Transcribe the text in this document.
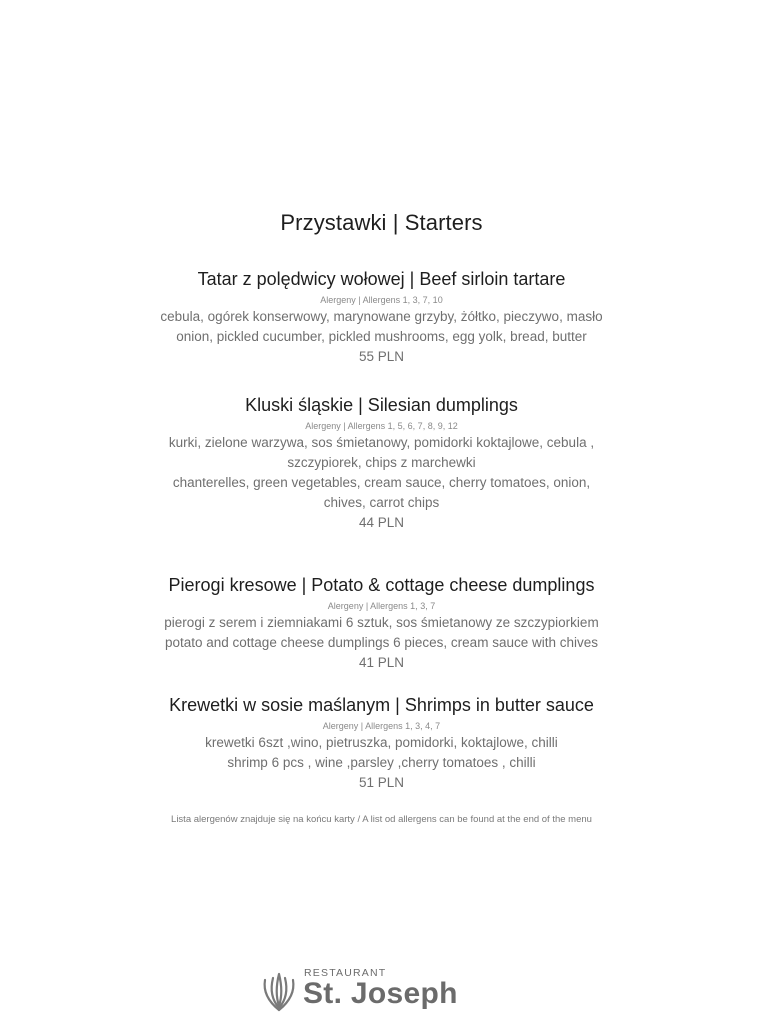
Przystawki | Starters
Tatar z polędwicy wołowej | Beef sirloin tartare
Alergeny | Allergens 1, 3, 7, 10
cebula, ogórek konserwowy, marynowane grzyby, żółtko, pieczywo, masło
onion, pickled cucumber, pickled mushrooms, egg yolk, bread, butter
55 PLN
Kluski śląskie | Silesian dumplings
Alergeny | Allergens 1, 5, 6, 7, 8, 9, 12
kurki, zielone warzywa, sos śmietanowy, pomidorki koktajlowe, cebula ,
szczypiorek, chips z marchewki
chanterelles, green vegetables, cream sauce, cherry tomatoes, onion,
chives, carrot chips
44 PLN
Pierogi kresowe | Potato & cottage cheese dumplings
Alergeny | Allergens 1, 3, 7
pierogi z serem i ziemniakami 6 sztuk, sos śmietanowy ze szczypiorkiem
potato and cottage cheese dumplings 6 pieces, cream sauce with chives
41 PLN
Krewetki w sosie maślanym | Shrimps in butter sauce
Alergeny | Allergens 1, 3, 4, 7
krewetki 6szt ,wino, pietruszka, pomidorki, koktajlowe, chilli
shrimp 6 pcs , wine ,parsley ,cherry tomatoes , chilli
51 PLN
Lista alergenów znajduje się na końcu karty / A list od allergens can be found at the end of the menu
RESTAURANT
St. Joseph
